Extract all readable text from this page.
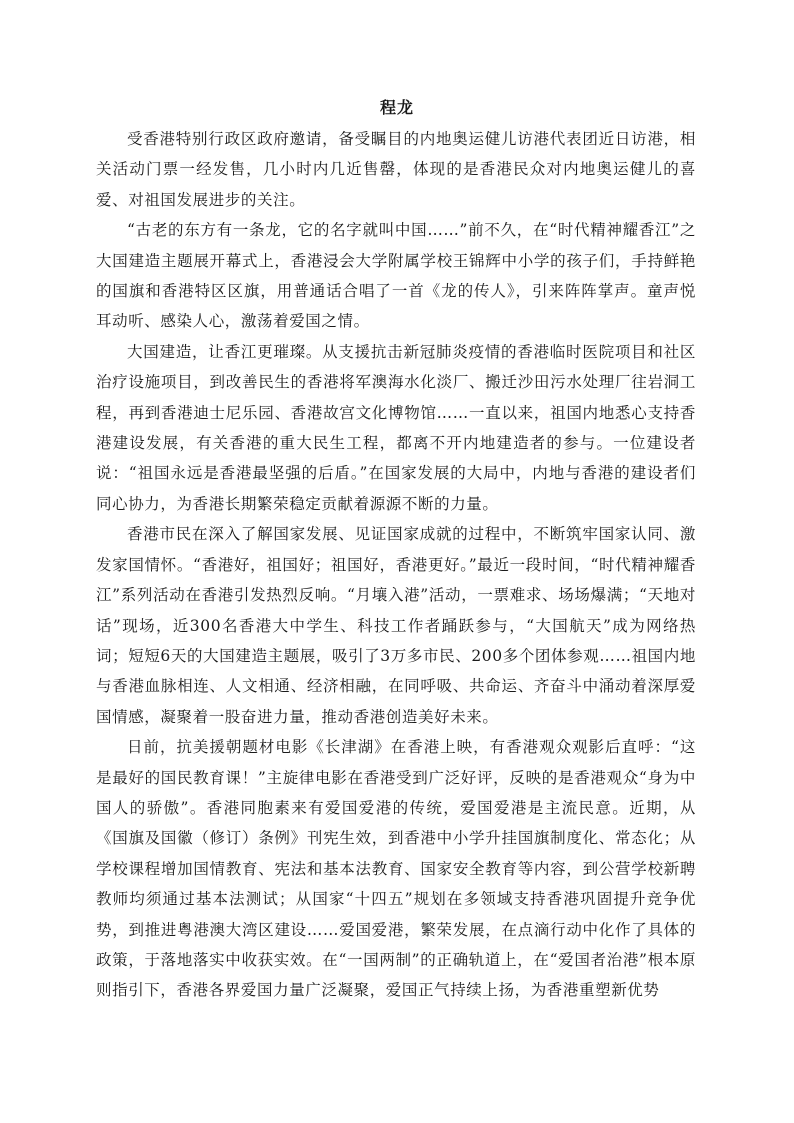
程龙

受香港特别行政区政府邀请，备受瞩目的内地奥运健儿访港代表团近日访港，相关活动门票一经发售，几小时内几近售罄，体现的是香港民众对内地奥运健儿的喜爱、对祖国发展进步的关注。

“古老的东方有一条龙，它的名字就叫中国……”前不久，在“时代精神耀香江”之大国建造主题展开幕式上，香港浸会大学附属学校王锦辉中小学的孩子们，手持鲜艳的国旗和香港特区区旗，用普通话合唱了一首《龙的传人》，引来阵阵掌声。童声悦耳动听、感染人心，激荡着爱国之情。

大国建造，让香江更璀璨。从支援抗击新冠肺炎疫情的香港临时医院项目和社区治疗设施项目，到改善民生的香港将军澳海水化淡厂、搬迁沙田污水处理厂往岩洞工程，再到香港迪士尼乐园、香港故宫文化博物馆……一直以来，祖国内地悉心支持香港建设发展，有关香港的重大民生工程，都离不开内地建造者的参与。一位建设者说：“祖国永远是香港最坚强的后盾。”在国家发展的大局中，内地与香港的建设者们同心协力，为香港长期繁荣稳定贡献着源源不断的力量。

香港市民在深入了解国家发展、见证国家成就的过程中，不断筑牢国家认同、激发家国情怀。“香港好，祖国好；祖国好，香港更好。”最近一段时间，“时代精神耀香江”系列活动在香港引发热烈反响。“月壤入港”活动，一票难求、场场爆满；“天地对话”现场，近300名香港大中学生、科技工作者踊跃参与，“大国航天”成为网络热词；短短6天的大国建造主题展，吸引了3万多市民、200多个团体参观……祖国内地与香港血脉相连、人文相通、经济相融，在同呼吸、共命运、齐奋斗中涌动着深厚爱国情感，凝聚着一股奋进力量，推动香港创造美好未来。

日前，抗美援朝题材电影《长津湖》在香港上映，有香港观众观影后直呼：“这是最好的国民教育课！”主旋律电影在香港受到广泛好评，反映的是香港观众“身为中国人的骄傲”。香港同胞素来有爱国爱港的传统，爱国爱港是主流民意。近期，从《国旗及国徽（修订）条例》刊宪生效，到香港中小学升挂国旗制度化、常态化；从学校课程增加国情教育、宪法和基本法教育、国家安全教育等内容，到公营学校新聘教师均须通过基本法测试；从国家“十四五”规划在多领域支持香港巩固提升竞争优势，到推进粤港澳大湾区建设……爱国爱港，繁荣发展，在点滴行动中化作了具体的政策，于落地落实中收获实效。在“一国两制”的正确轨道上，在“爱国者治港”根本原则指引下，香港各界爱国力量广泛凝聚，爱国正气持续上扬，为香港重塑新优势
